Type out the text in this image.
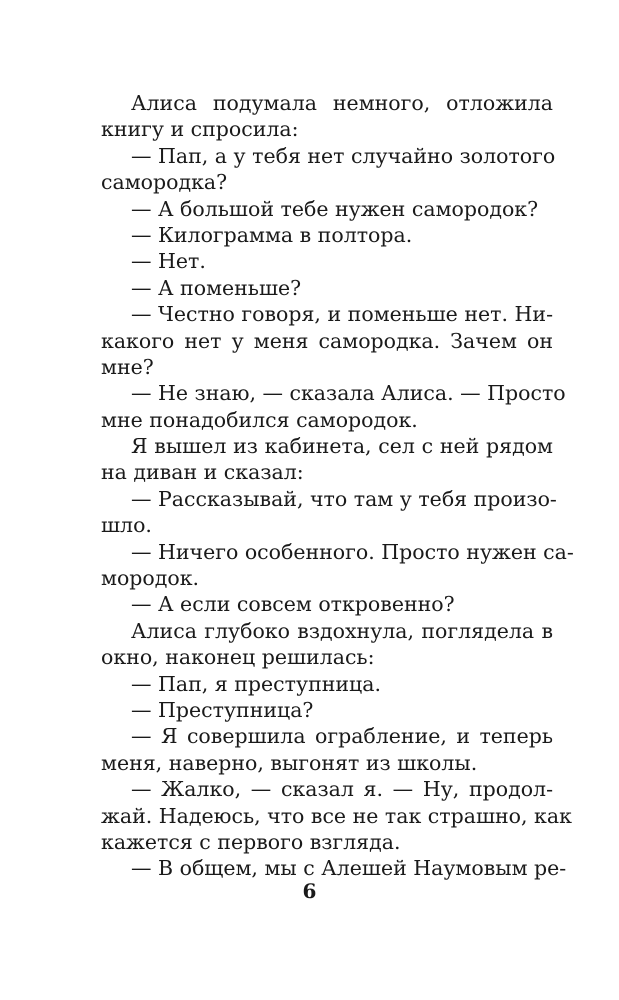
Алиса подумала немного, отложила
книгу и спросила:
— Пап, а у тебя нет случайно золотого
самородка?
— А большой тебе нужен самородок?
— Килограмма в полтора.
— Нет.
— А поменьше?
— Честно говоря, и поменьше нет. Ни-
какого нет у меня самородка. Зачем он
мне?
— Не знаю, — сказала Алиса. — Просто
мне понадобился самородок.
Я вышел из кабинета, сел с ней рядом
на диван и сказал:
— Рассказывай, что там у тебя произо-
шло.
— Ничего особенного. Просто нужен са-
мородок.
— А если совсем откровенно?
Алиса глубоко вздохнула, поглядела в
окно, наконец решилась:
— Пап, я преступница.
— Преступница?
— Я совершила ограбление, и теперь
меня, наверно, выгонят из школы.
— Жалко, — сказал я. — Ну, продол-
жай. Надеюсь, что все не так страшно, как
кажется с первого взгляда.
— В общем, мы с Алешей Наумовым ре-
6
